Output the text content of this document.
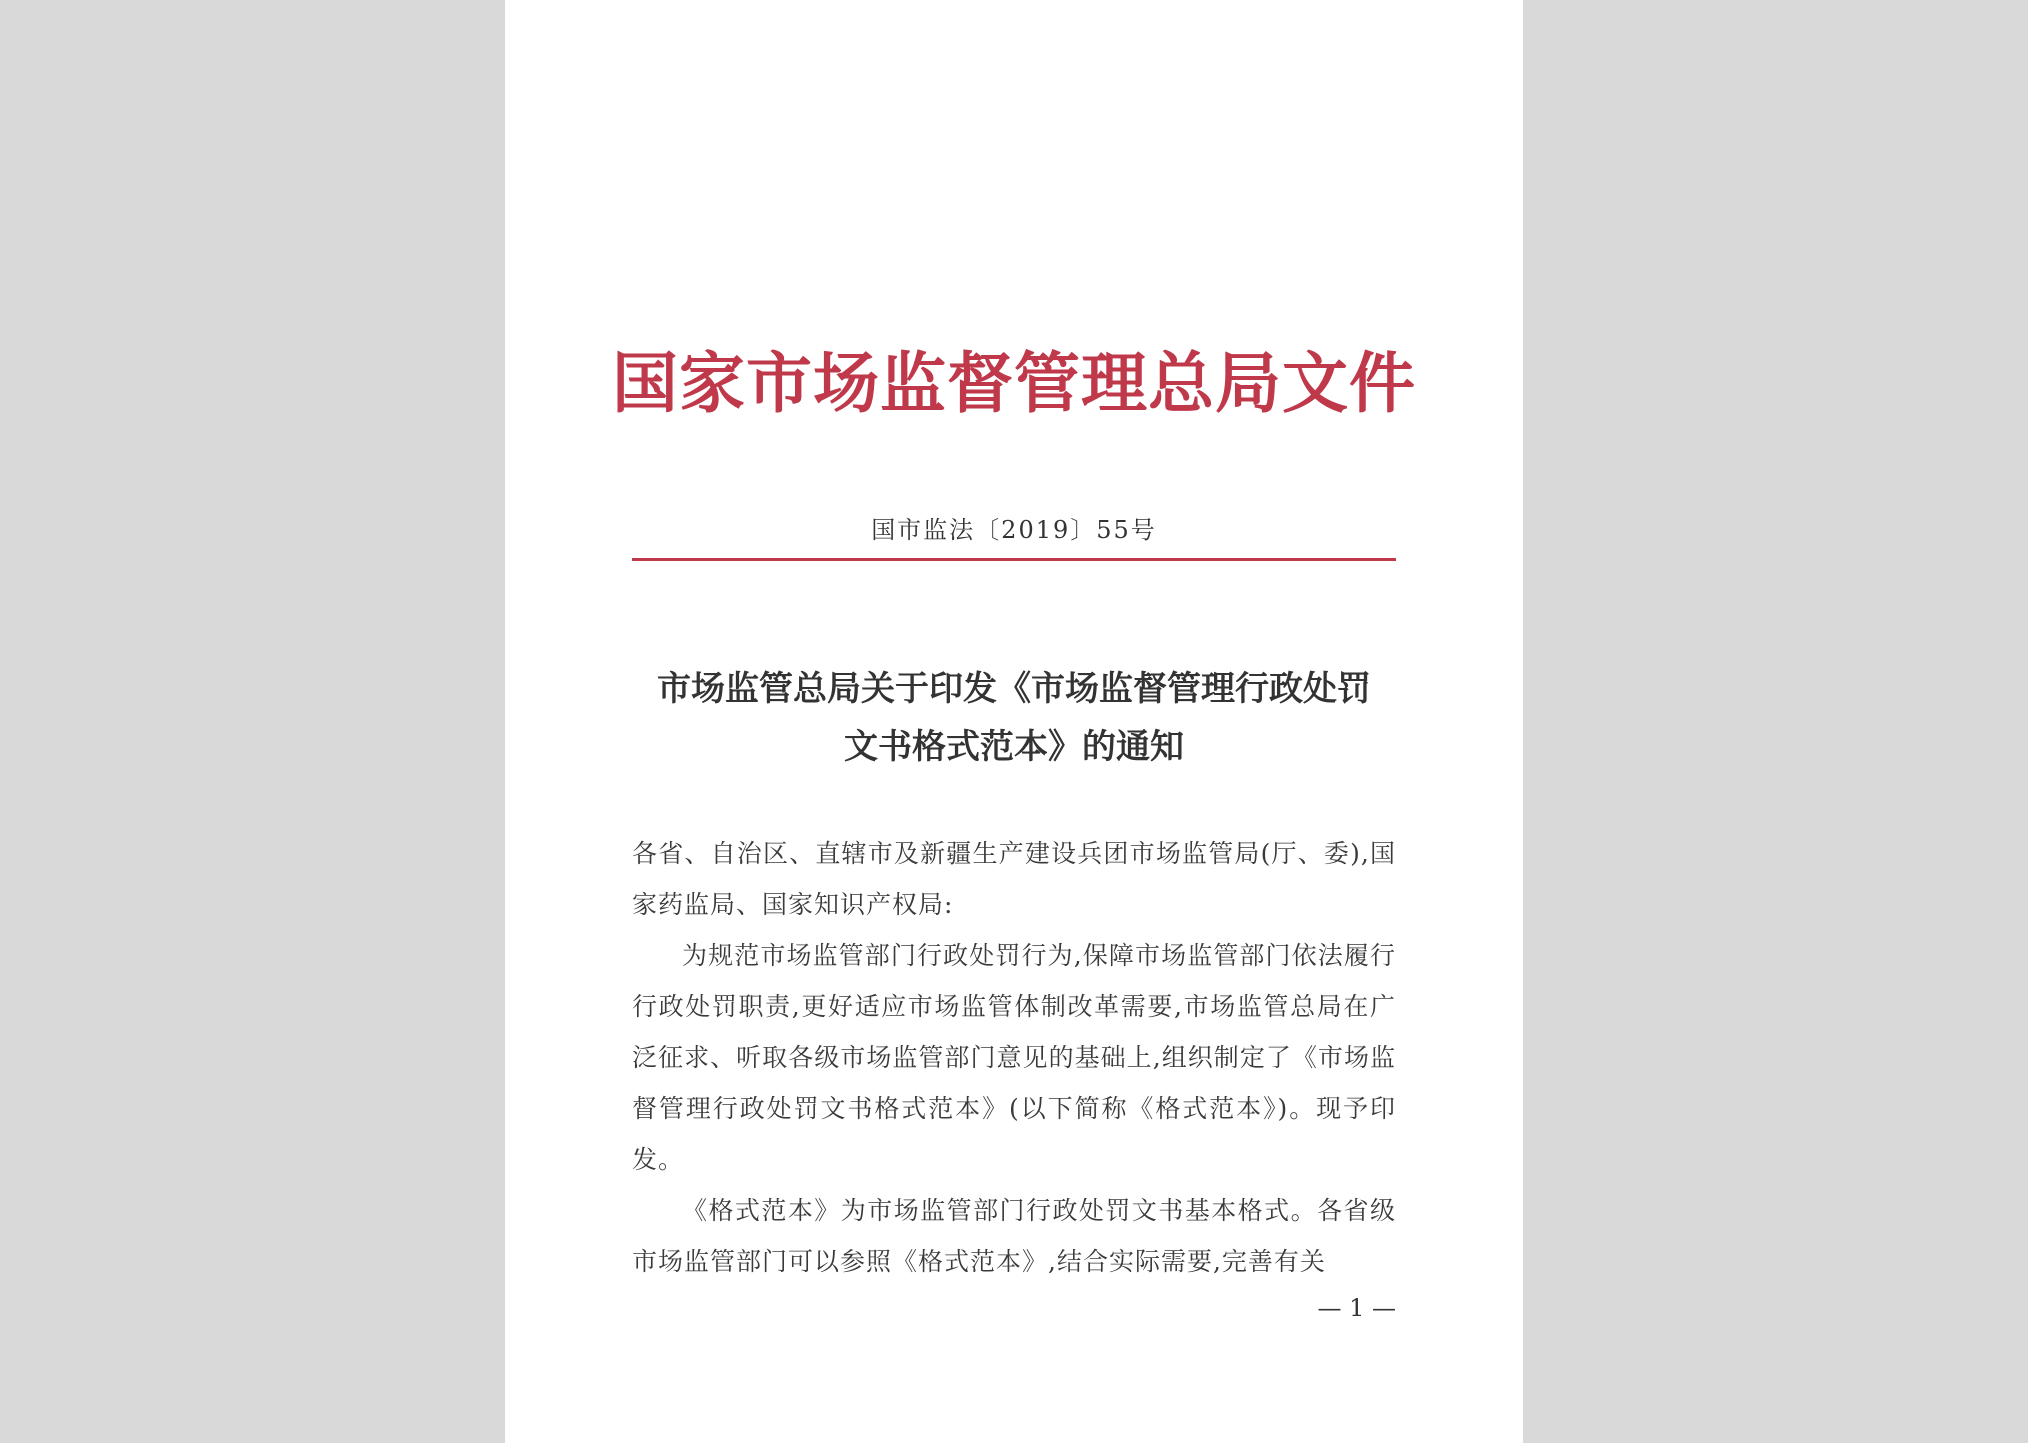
国家市场监督管理总局文件
国市监法〔2019〕55号
市场监管总局关于印发《市场监督管理行政处罚
文书格式范本》的通知

各省、自治区、直辖市及新疆生产建设兵团市场监管局(厅、委),国家药监局、国家知识产权局:

为规范市场监管部门行政处罚行为,保障市场监管部门依法履行行政处罚职责,更好适应市场监管体制改革需要,市场监管总局在广泛征求、听取各级市场监管部门意见的基础上,组织制定了《市场监督管理行政处罚文书格式范本》(以下简称《格式范本》)。现予印发。

《格式范本》为市场监管部门行政处罚文书基本格式。各省级市场监管部门可以参照《格式范本》,结合实际需要,完善有关

— 1 —
